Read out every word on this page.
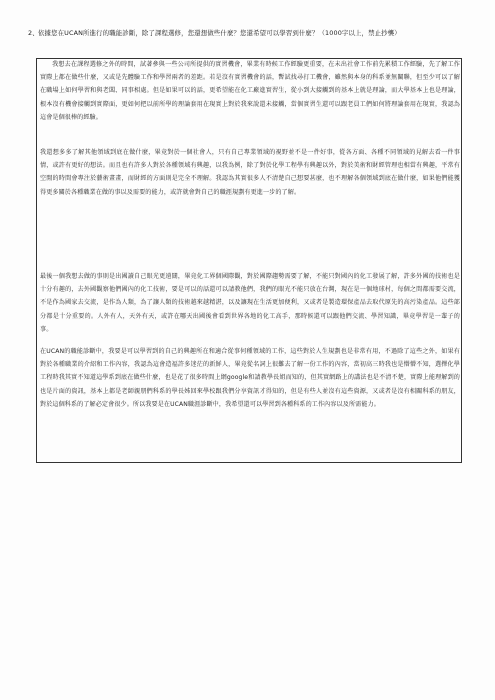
2、 依據您在UCAN所進行的職能診斷，除了課程選修，您還想做些什麼？您還希望可以學習到什麼？（1000字以上，禁止抄襲）
我想去在課程選修之外的時間，試著參與一些公司所提供的實習機會，畢業有時候工作經驗更重要，在未出社會工作前先累積工作經驗，先了解工作實際上都在做些什麼，又或是先體驗工作和學習兩者的差距。若是沒有實習機會的話，暫試找尋打工機會，雖然與本身的科系並無關聯，但至少可以了解在職場上如何學習和與老闆、同事相處。但是如果可以的話，更希望能在化工廠進實習生，從小到大接觸到的基本上就是理論，而大學基本上也是理論，根本沒有機會接觸到實際面，更如何把以前所學的理論套用在現實上對於我來說還未接觸，當個實習生還可以跟老員工們如何將理論套用在現實，我認為這會是個很棒的經驗。
我還想多多了解其他領域到底在做什麼，畢竟對於一個社會人，只有自己專業領域的視野並不是一件好事，從各方面、各種不同領域的見解去看一件事情，或許有更好的想法。而且也有許多人對於各種領域有興趣，以我為例，除了對於化學工程學有興趣以外，對於美術和財經管理也相當有興趣，平常有空閒的時間會專注於藝術畫畫，而財經的方面則是完全不理解。我認為其實很多人不清楚自己想要甚麼，也不理解各個領域到底在做什麼，如果他們能獲得更多關於各種職業在做的事以及需要的能力，或許就會對自己的職涯規劃有更進一步的了解。
最後一個我想去做的事則是出國讀自己眼光更遠闊，畢竟化工界個國際觀，對於國際趨勢需要了解，不能只對國內的化工發展了解，許多外國的技術也是十分有趣的，去外國觀察他們國內的化工技術，要是可以的話還可以請教他們，我們的眼光不能只放在台灣，現在是一個地球村，每個之間都需要交流，不是作為國家去交流，是作為人類，為了讓人類的技術越來越精湛，以及讓現在生活更加便利，又或者是製造環保產品去取代原先的高污染產品。這些部分都是十分重要的。人外有人，天外有天，或許在哪天出國後會看到世界各地的化工高手，那時候還可以跟他們交流、學習知識，畢竟學習是一輩子的事。
在UCAN的職能診斷中，我要是可以學習到的自己的興趣所在和適合從事何種領域的工作，這些對於人生規劃也是非常有用，不過除了這些之外，如果有對於各種職業的介紹和工作內容，我認為這會造福許多迷茫的新鮮人，畢竟從名詞上很難去了解一份工作的內容，當初高三時我也是懵懵不知，選擇化學工程時我其實不知道這學系到底在做些什麼，也是花了很多時間上網google和請教學長姐而知的，但其實網路上的講法也是不清不楚，實際上能理解到的也是片面的資訊，基本上都是老師親朋們科系的學長姊回來學校跟我們分享資訊才得知的，但是有些人並沒有這些資源，又或者是沒有相關科系的朋友，對於這個科系的了解必定會很少。所以我要是在UCAN職涯診斷中，我希望還可以學習到各種科系的工作內容以及所需能力。
